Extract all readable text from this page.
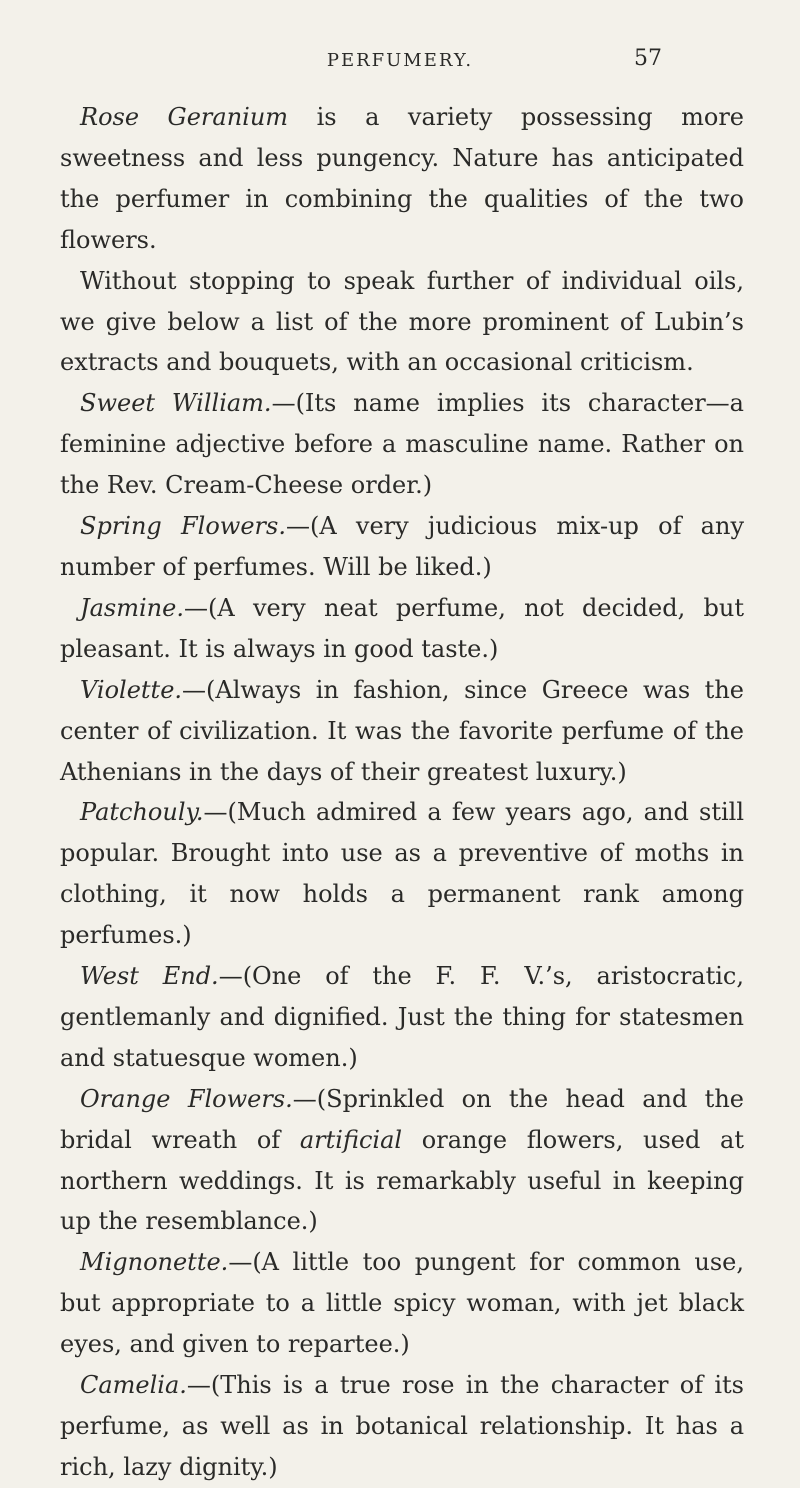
PERFUMERY.	57

Rose Geranium is a variety possessing more sweetness and less pungency. Nature has anticipated the perfumer in combining the qualities of the two flowers.

Without stopping to speak further of individual oils, we give below a list of the more prominent of Lubin’s extracts and bouquets, with an occasional criticism.

Sweet William.—(Its name implies its character—a feminine adjective before a masculine name. Rather on the Rev. Cream-Cheese order.)

Spring Flowers.—(A very judicious mix-up of any number of perfumes. Will be liked.)

Jasmine.—(A very neat perfume, not decided, but pleasant. It is always in good taste.)

Violette.—(Always in fashion, since Greece was the center of civilization. It was the favorite perfume of the Athenians in the days of their greatest luxury.)

Patchouly.—(Much admired a few years ago, and still popular. Brought into use as a preventive of moths in clothing, it now holds a permanent rank among perfumes.)

West End.—(One of the F. F. V.’s, aristocratic, gentlemanly and dignified. Just the thing for statesmen and statuesque women.)

Orange Flowers.—(Sprinkled on the head and the bridal wreath of artificial orange flowers, used at northern weddings. It is remarkably useful in keeping up the resemblance.)

Mignonette.—(A little too pungent for common use, but appropriate to a little spicy woman, with jet black eyes, and given to repartee.)

Camelia.—(This is a true rose in the character of its perfume, as well as in botanical relationship. It has a rich, lazy dignity.)
